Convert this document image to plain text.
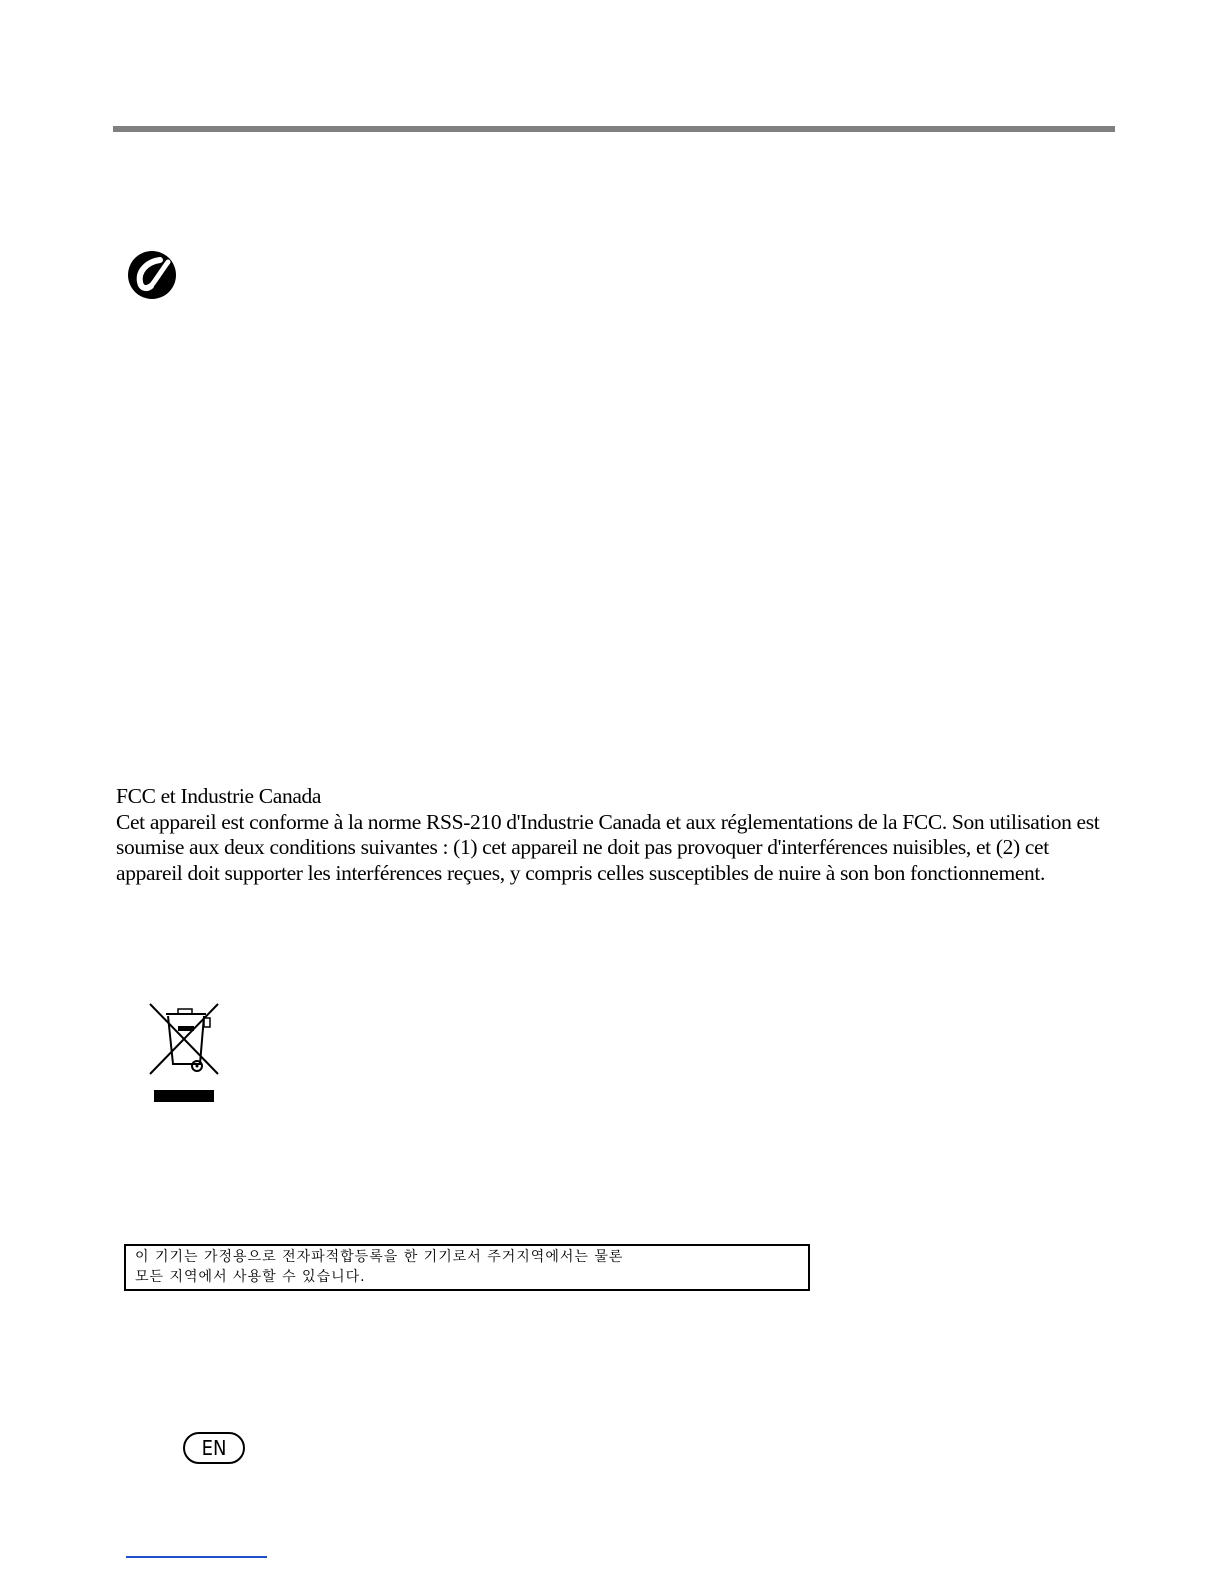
FCC et Industrie Canada

Cet appareil est conforme à la norme RSS-210 d'Industrie Canada et aux réglementations de la FCC. Son utilisation est soumise aux deux conditions suivantes : (1) cet appareil ne doit pas provoquer d'interférences nuisibles, et (2) cet appareil doit supporter les interférences reçues, y compris celles susceptibles de nuire à son bon fonctionnement.

이 기기는 가정용으로 전자파적합등록을 한 기기로서 주거지역에서는 물론
모든 지역에서 사용할 수 있습니다.
EN
